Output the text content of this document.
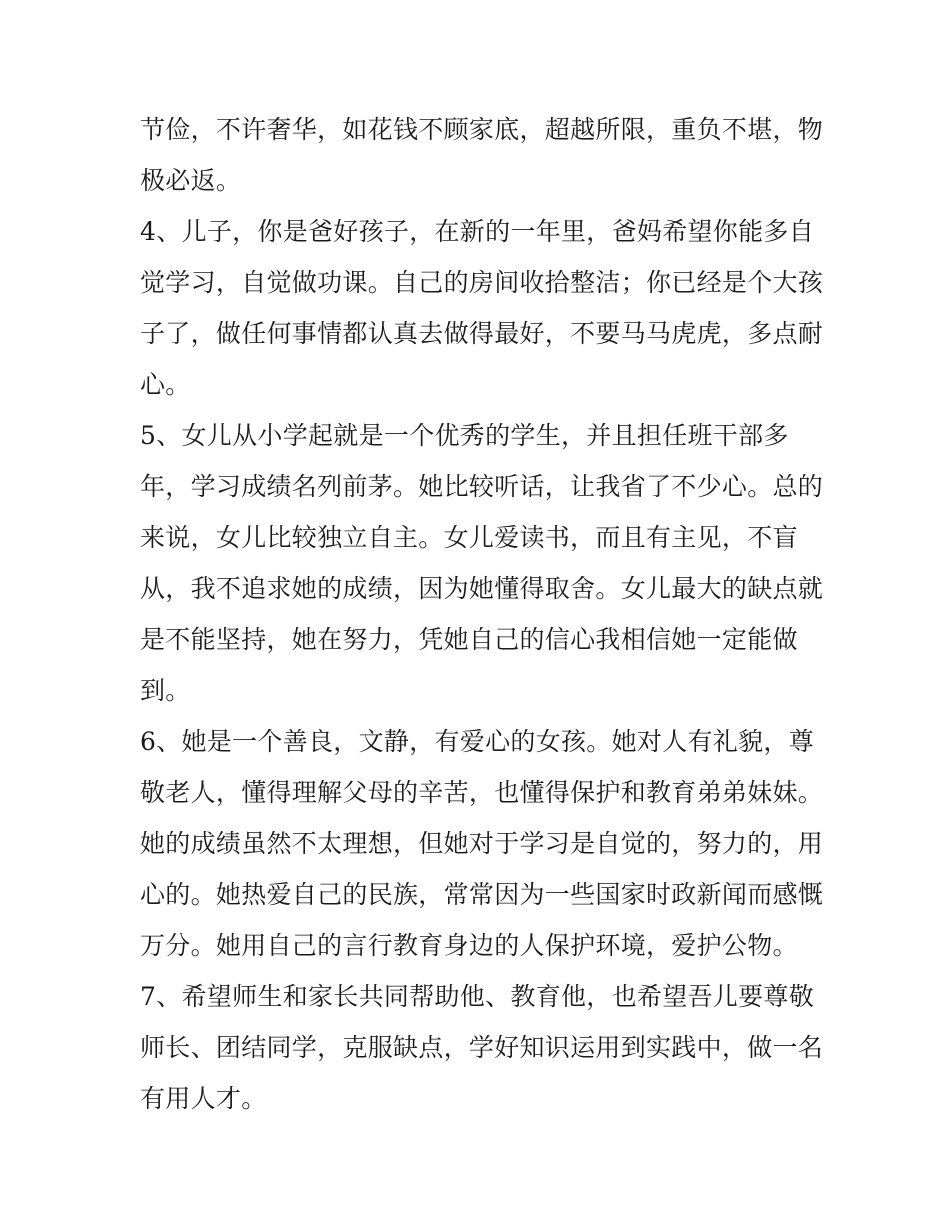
节俭，不许奢华，如花钱不顾家底，超越所限，重负不堪，物
极必返。
4、儿子，你是爸好孩子，在新的一年里，爸妈希望你能多自
觉学习，自觉做功课。自己的房间收拾整洁；你已经是个大孩
子了，做任何事情都认真去做得最好，不要马马虎虎，多点耐
心。
5、女儿从小学起就是一个优秀的学生，并且担任班干部多
年，学习成绩名列前茅。她比较听话，让我省了不少心。总的
来说，女儿比较独立自主。女儿爱读书，而且有主见，不盲
从，我不追求她的成绩，因为她懂得取舍。女儿最大的缺点就
是不能坚持，她在努力，凭她自己的信心我相信她一定能做
到。
6、她是一个善良，文静，有爱心的女孩。她对人有礼貌，尊
敬老人，懂得理解父母的辛苦，也懂得保护和教育弟弟妹妹。
她的成绩虽然不太理想，但她对于学习是自觉的，努力的，用
心的。她热爱自己的民族，常常因为一些国家时政新闻而感慨
万分。她用自己的言行教育身边的人保护环境，爱护公物。
7、希望师生和家长共同帮助他、教育他，也希望吾儿要尊敬
师长、团结同学，克服缺点，学好知识运用到实践中，做一名
有用人才。
